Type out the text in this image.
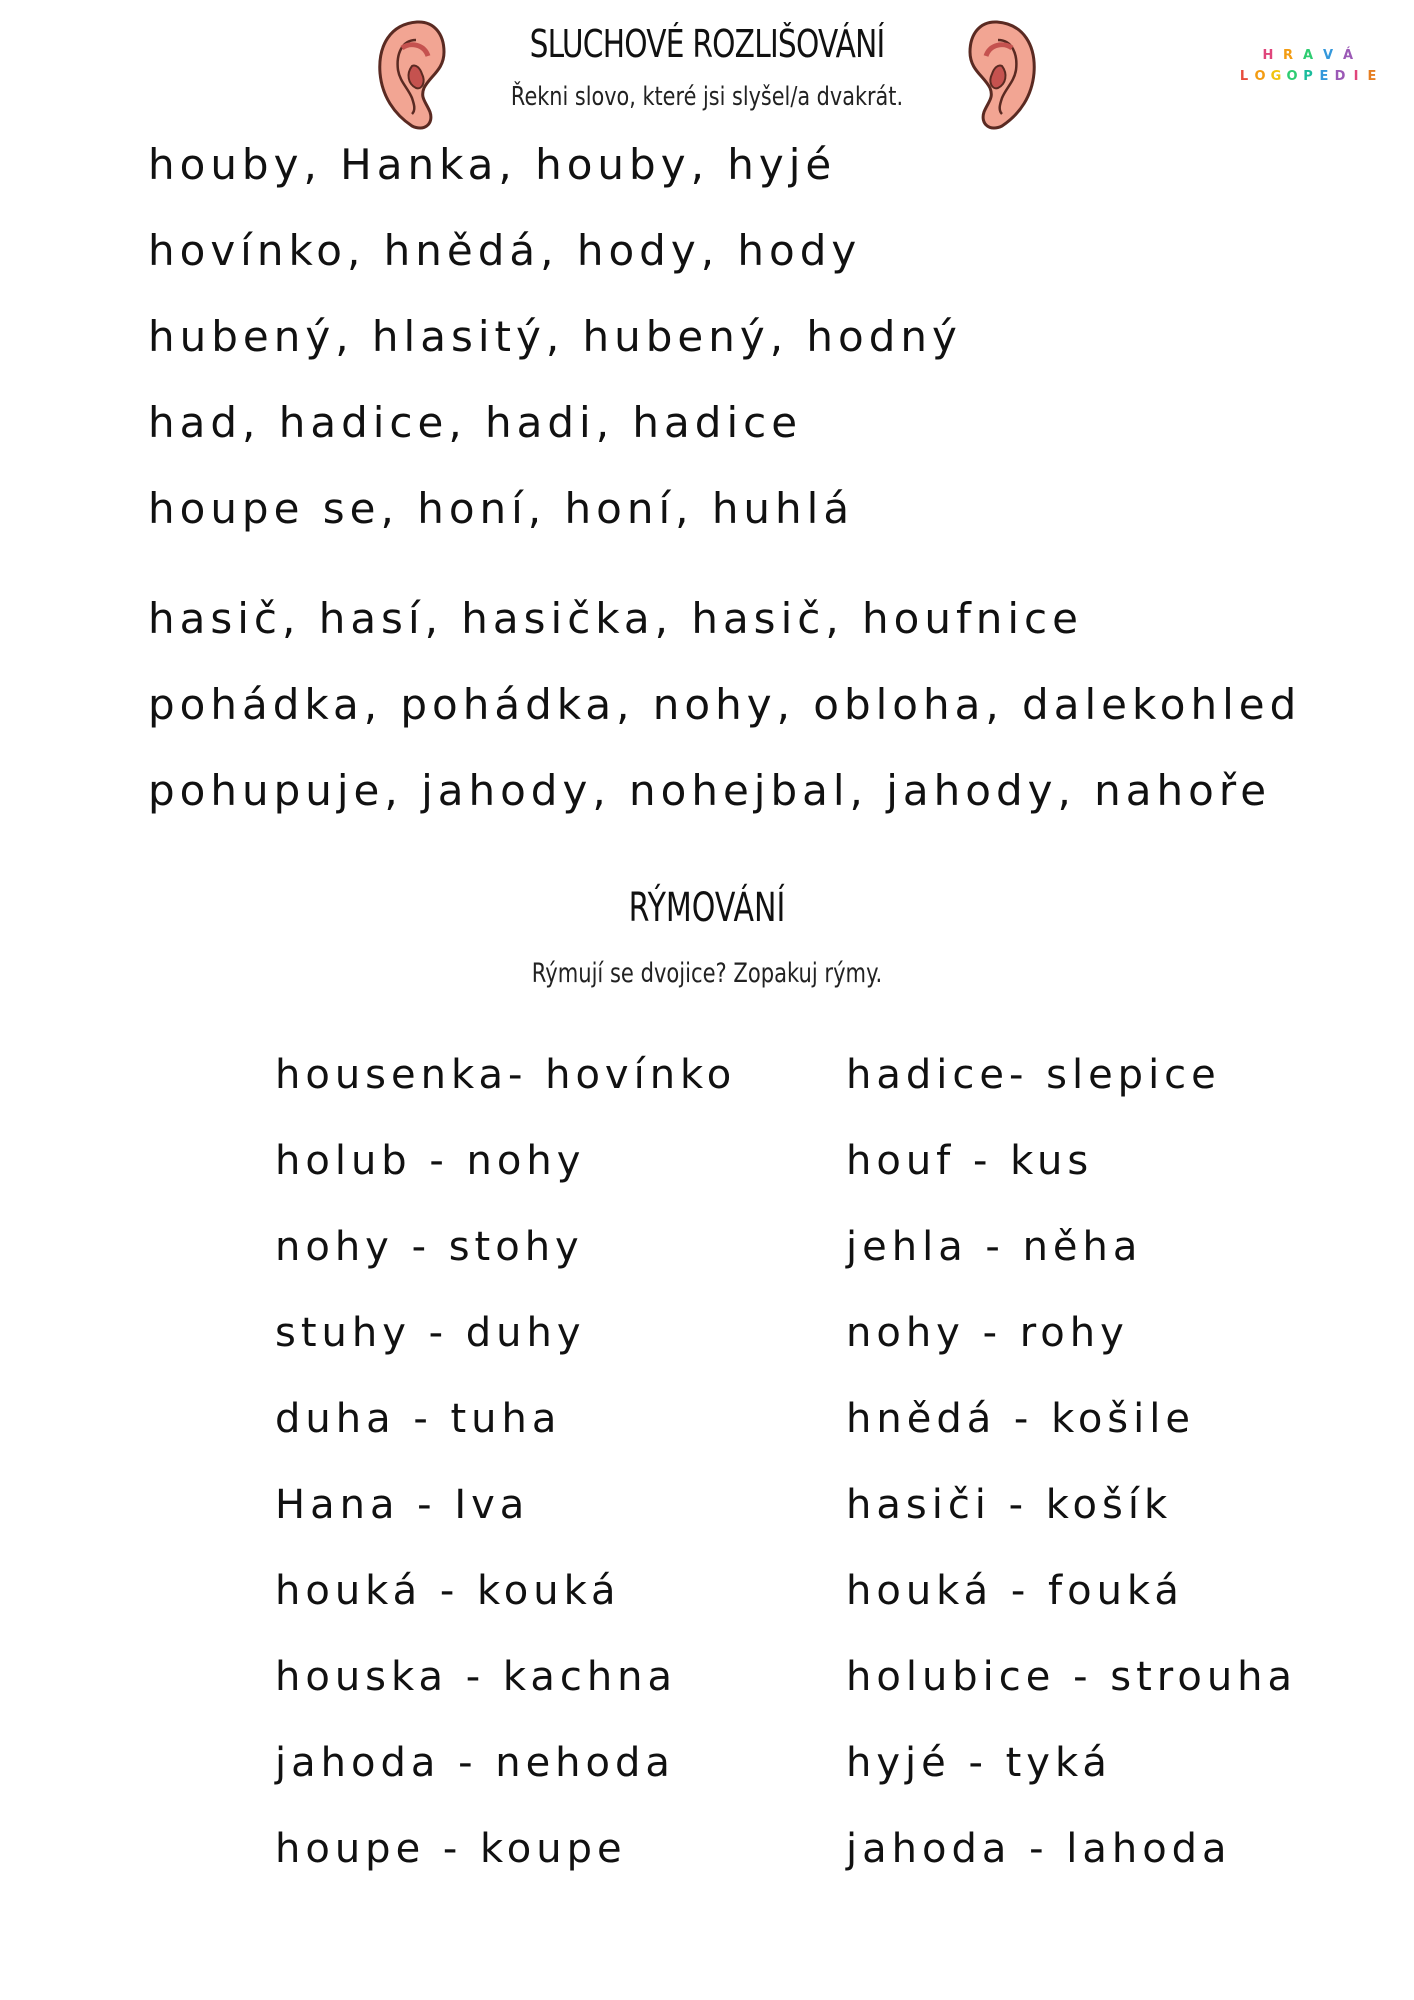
SLUCHOVÉ ROZLIŠOVÁNÍ
Řekni slovo, které jsi slyšel/a dvakrát.
H R A V Á
L O G O P E D I E
houby, Hanka, houby, hyjé
hovínko, hnědá, hody, hody
hubený, hlasitý, hubený, hodný
had, hadice, hadi, hadice
houpe se, honí, honí, huhlá
hasič, hasí, hasička, hasič, houfnice
pohádka, pohádka, nohy, obloha, dalekohled
pohupuje, jahody, nohejbal, jahody, nahoře
RÝMOVÁNÍ
Rýmují se dvojice? Zopakuj rýmy.
housenka- hovínko
holub - nohy
nohy - stohy
stuhy - duhy
duha - tuha
Hana - Iva
houká - kouká
houska - kachna
jahoda - nehoda
houpe - koupe
hadice- slepice
houf - kus
jehla - něha
nohy - rohy
hnědá - košile
hasiči - košík
houká - fouká
holubice - strouha
hyjé - tyká
jahoda - lahoda
